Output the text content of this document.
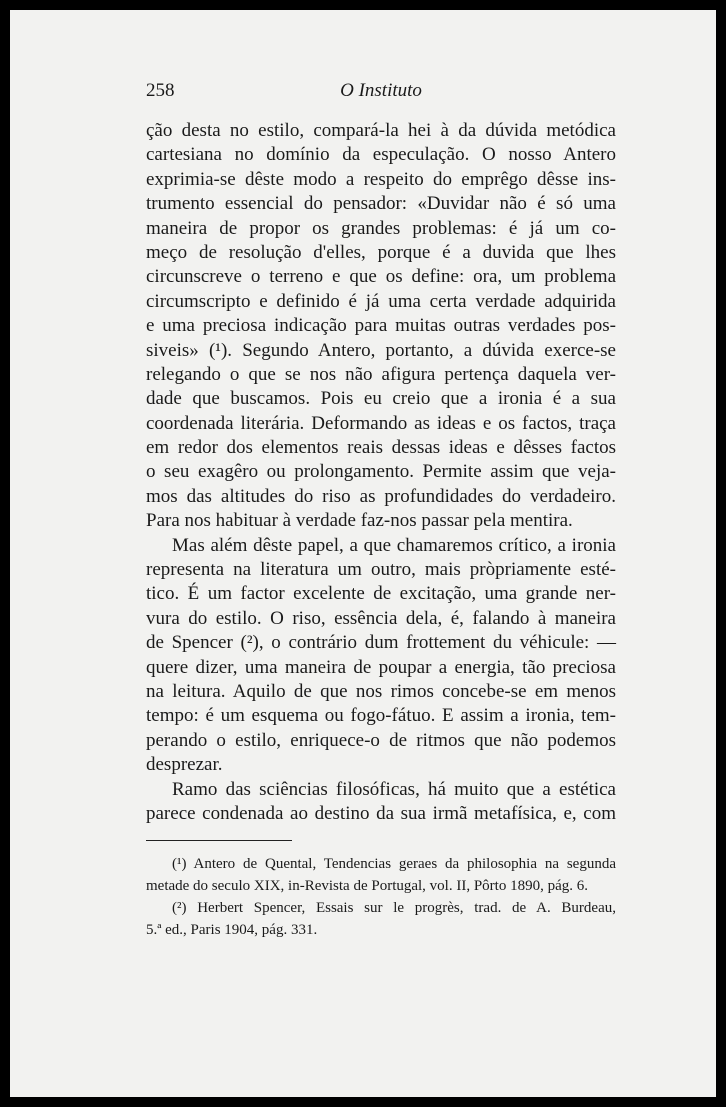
258	O Instituto
ção desta no estilo, compará-la hei à da dúvida metódica
cartesiana no domínio da especulação. O nosso Antero
exprimia-se dêste modo a respeito do emprêgo dêsse ins-
trumento essencial do pensador: «Duvidar não é só uma
maneira de propor os grandes problemas: é já um co-
meço de resolução d'elles, porque é a duvida que lhes
circunscreve o terreno e que os define: ora, um problema
circumscripto e definido é já uma certa verdade adquirida
e uma preciosa indicação para muitas outras verdades pos-
siveis» (¹). Segundo Antero, portanto, a dúvida exerce-se
relegando o que se nos não afigura pertença daquela ver-
dade que buscamos. Pois eu creio que a ironia é a sua
coordenada literária. Deformando as ideas e os factos, traça
em redor dos elementos reais dessas ideas e dêsses factos
o seu exagêro ou prolongamento. Permite assim que veja-
mos das altitudes do riso as profundidades do verdadeiro.
Para nos habituar à verdade faz-nos passar pela mentira.
Mas além dêste papel, a que chamaremos crítico, a ironia
representa na literatura um outro, mais pròpriamente esté-
tico. É um factor excelente de excitação, uma grande ner-
vura do estilo. O riso, essência dela, é, falando à maneira
de Spencer (²), o contrário dum frottement du véhicule: —
quere dizer, uma maneira de poupar a energia, tão preciosa
na leitura. Aquilo de que nos rimos concebe-se em menos
tempo: é um esquema ou fogo-fátuo. E assim a ironia, tem-
perando o estilo, enriquece-o de ritmos que não podemos
desprezar.
Ramo das sciências filosóficas, há muito que a estética
parece condenada ao destino da sua irmã metafísica, e, com
(¹) Antero de Quental, Tendencias geraes da philosophia na segunda
metade do seculo XIX, in-Revista de Portugal, vol. II, Pôrto 1890, pág. 6.
(²) Herbert Spencer, Essais sur le progrès, trad. de A. Burdeau,
5.ª ed., Paris 1904, pág. 331.
